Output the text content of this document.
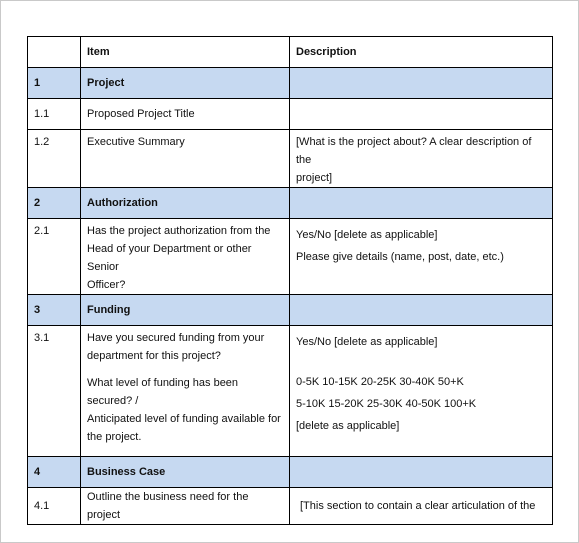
	Item	Description
1	Project	
1.1	Proposed Project Title	
1.2	Executive Summary	[What is the project about? A clear description of the
project]

2	Authorization	
2.1	Has the project authorization from the
Head of your Department or other Senior
Officer?	Yes/No [delete as applicable]
Please give details (name, post, date, etc.)

3	Funding	
3.1	Have you secured funding from your
department for this project?
What level of funding has been secured? /
Anticipated level of funding available for
the project.	Yes/No [delete as applicable]
0-5K 10-15K 20-25K 30-40K 50+K
5-10K 15-20K 25-30K 40-50K 100+K
[delete as applicable]

4	Business Case	
4.1	Outline the business need for the project	[This section to contain a clear articulation of the
